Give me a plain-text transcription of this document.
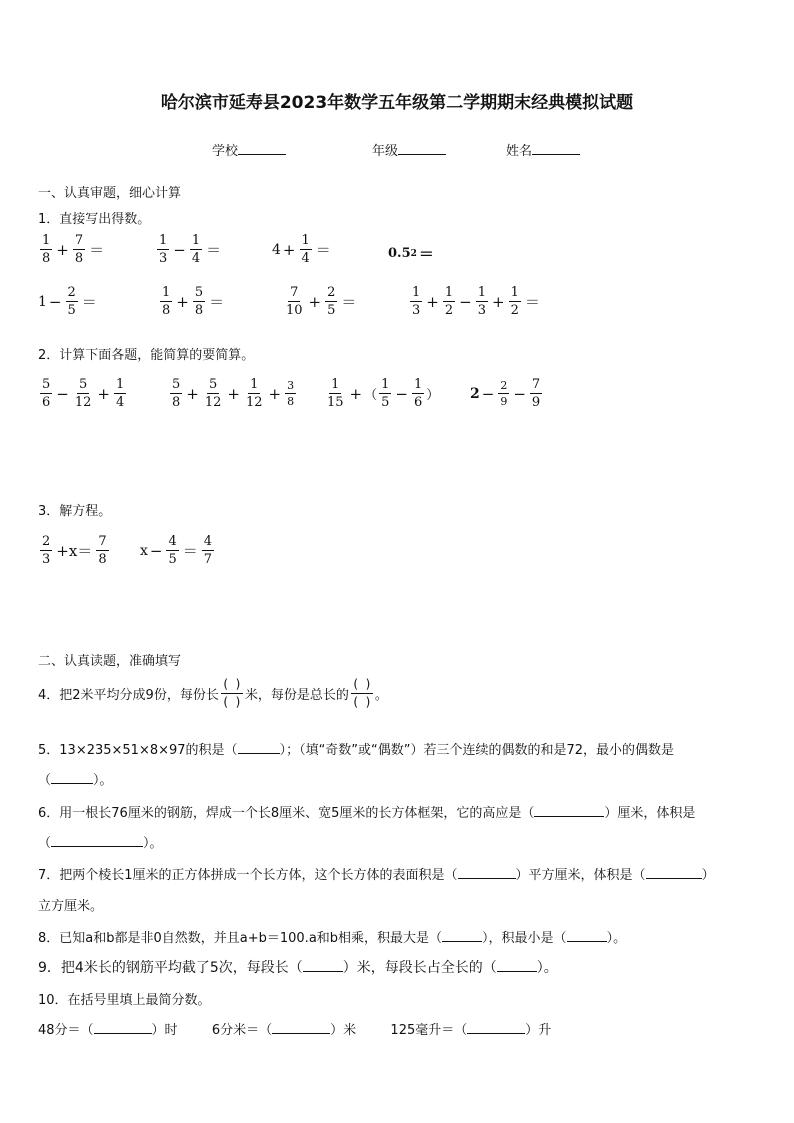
哈尔滨市延寿县2023年数学五年级第二学期期末经典模拟试题
学校	年级	姓名
一、认真审题，细心计算
1．直接写出得数。
1
$8 + \frac{7}{8}$ ＝
1
$3 - \frac{1}{4}$ ＝	$4 + \frac{1}{4}$ ＝	0.5 2 ＝
$1 - \frac{2}{5}$ ＝
1
$8 + \frac{5}{8}$ ＝
7
$10 + \frac{2}{5}$ ＝
1
$3 + \frac{1}{2} - \frac{1}{3} + \frac{1}{2}$ ＝
2．计算下面各题，能简算的要简算。
5
$6 - \frac{5}{12} + \frac{1}{4}$	5
$8 + \frac{5}{12} + \frac{1}{12} + \frac{3}{8}$	1
15 + （
1
$5 - \frac{1}{6}$ ） $2 - \frac{2}{9} - \frac{7}{9}$
3．解方程。
2
3 +x＝
7
8
$x - \frac{4}{5}$ ＝
4
7
二、认真读题，准确填写
4．把2米平均分成9份，每份长
(  )
(  ) 米，每份是总长的
(  )
(  ) 。
5．13×235×51×8×97的积是（	）；（填“奇数”或“偶数”）若三个连续的偶数的和是72，最小的偶数是
（	）。
6．用一根长76厘米的钢筋，焊成一个长8厘米、宽5厘米的长方体框架，它的高应是（	）厘米，体积是
（	）。
7．把两个棱长1厘米的正方体拼成一个长方体，这个长方体的表面积是（	）平方厘米，体积是（	）
立方厘米。
8．已知a和b都是非0自然数，并且a+b＝100.a和b相乘，积最大是（	），积最小是（	）。
9．把4米长的钢筋平均截了5次，每段长（	）米，每段长占全长的（	）。
10．在括号里填上最简分数。
48分＝（	）时	6分米＝（	）米	125毫升＝（	）升
